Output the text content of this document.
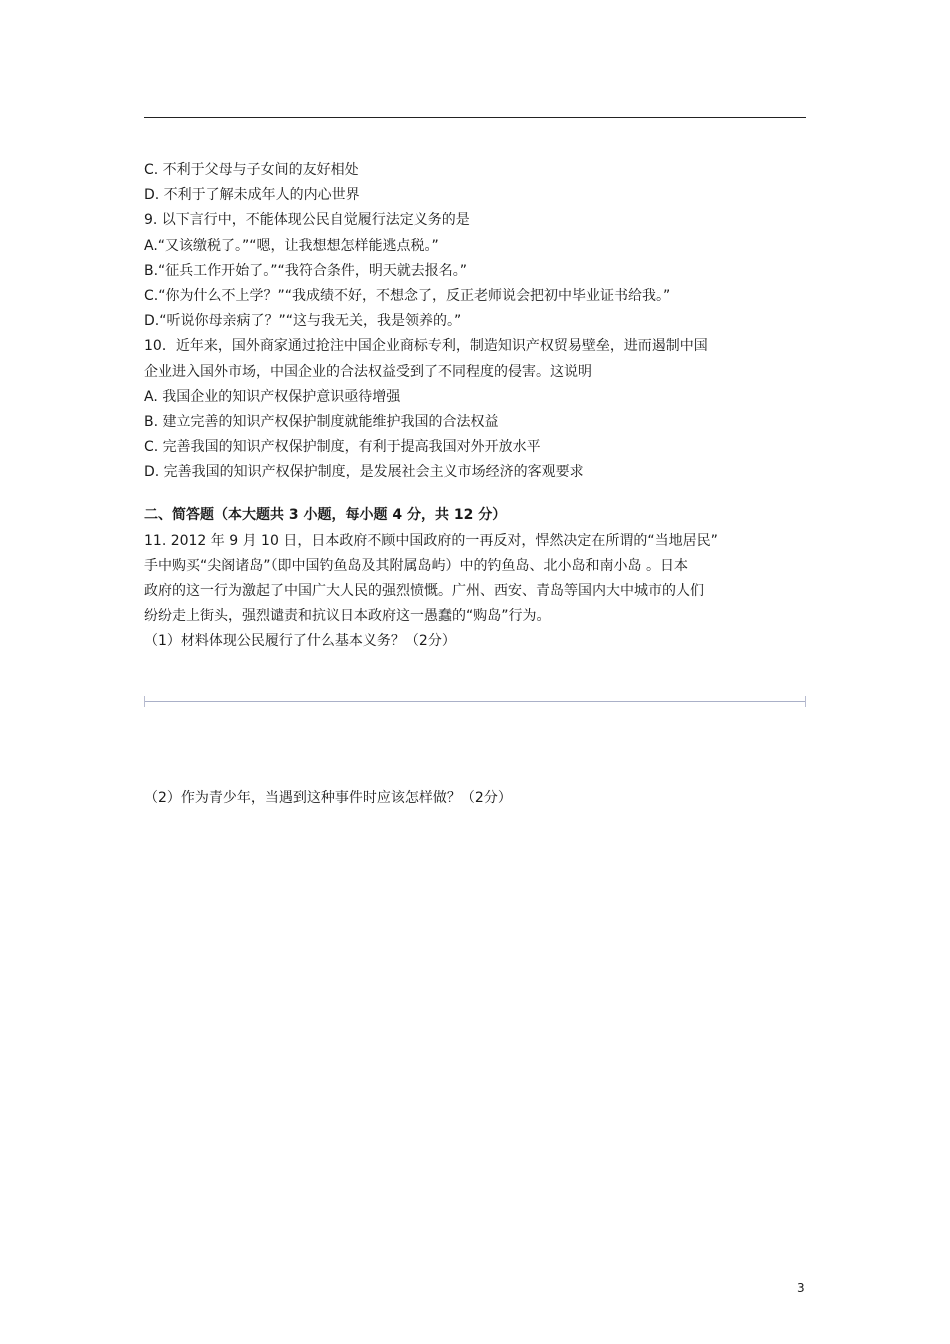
C. 不利于父母与子女间的友好相处
D. 不利于了解未成年人的内心世界
9. 以下言行中，不能体现公民自觉履行法定义务的是
A.“又该缴税了。”“嗯，让我想想怎样能逃点税。”
B.“征兵工作开始了。”“我符合条件，明天就去报名。”
C.“你为什么不上学？”“我成绩不好，不想念了，反正老师说会把初中毕业证书给我。”
D.“听说你母亲病了？”“这与我无关，我是领养的。”
10．近年来，国外商家通过抢注中国企业商标专利，制造知识产权贸易壁垒，进而遏制中国
企业进入国外市场，中国企业的合法权益受到了不同程度的侵害。这说明
A. 我国企业的知识产权保护意识亟待增强
B. 建立完善的知识产权保护制度就能维护我国的合法权益
C. 完善我国的知识产权保护制度，有利于提高我国对外开放水平
D. 完善我国的知识产权保护制度，是发展社会主义市场经济的客观要求
二、简答题（本大题共 3 小题，每小题 4 分，共 12 分）
11. 2012 年 9 月 10 日，日本政府不顾中国政府的一再反对，悍然决定在所谓的“当地居民”
手中购买“尖阁诸岛”（即中国钓鱼岛及其附属岛屿）中的钓鱼岛、北小岛和南小岛 。日本
政府的这一行为激起了中国广大人民的强烈愤慨。广州、西安、青岛等国内大中城市的人们
纷纷走上街头，强烈谴责和抗议日本政府这一愚蠢的“购岛”行为。
（1）材料体现公民履行了什么基本义务？（2分）
（2）作为青少年，当遇到这种事件时应该怎样做？（2分）
3
